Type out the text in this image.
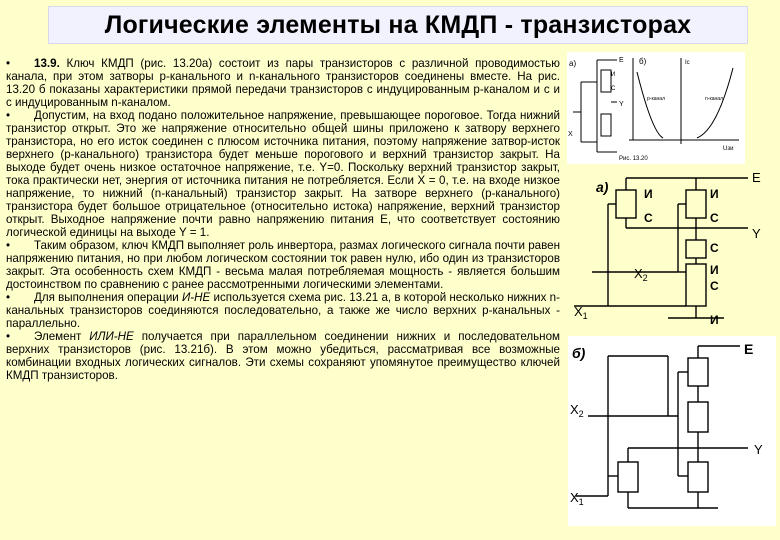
Логические элементы на КМДП - транзисторах

• 13.9. Ключ КМДП (рис. 13.20а) состоит из пары транзисторов с различной проводимостью канала, при этом затворы р-канального и n-канального транзисторов соединены вместе. На рис. 13.20 б показаны характеристики прямой передачи транзисторов с индуцированным р-каналом и с и с индуцированным n-каналом.

• Допустим, на вход подано положительное напряжение, превышающее пороговое. Тогда нижний транзистор открыт. Это же напряжение относительно общей шины приложено к затвору верхнего транзистора, но его исток соединен с плюсом источника питания, поэтому напряжение затвор-исток верхнего (р-канального) транзистора будет меньше порогового и верхний транзистор закрыт. На выходе будет очень низкое остаточное напряжение, т.е. Y=0. Поскольку верхний транзистор закрыт, тока практически нет, энергия от источника питания не потребляется. Если X = 0, т.е. на входе низкое напряжение, то нижний (n-канальный) транзистор закрыт. На затворе верхнего (р-канального) транзистора будет большое отрицательное (относительно истока) напряжение, верхний транзистор открыт. Выходное напряжение почти равно напряжению питания Е, что соответствует состоянию логической единицы на выходе Y = 1.

• Таким образом, ключ КМДП выполняет роль инвертора, размах логического сигнала почти равен напряжению питания, но при любом логическом состоянии ток равен нулю, ибо один из транзисторов закрыт. Эта особенность схем КМДП - весьма малая потребляемая мощность - является большим достоинством по сравнению с ранее рассмотренными логическими элементами.

• Для выполнения операции И-НЕ используется схема рис. 13.21 а, в которой несколько нижних n-канальных транзисторов соединяются последовательно, а также же число верхних р-канальных - параллельно.

• Элемент ИЛИ-НЕ получается при параллельном соединении нижних и последовательном верхних транзисторов (рис. 13.21б). В этом можно убедиться, рассматривая все возможные комбинации входных логических сигналов. Эти схемы сохраняют упомянутое преимущество ключей КМДП транзисторов.

а)	б)
X
Y
E
И
С
р-канал	n-канал
Ic
Uзи
Рис. 13.20
а)
E
Y
И
С
И
С
С
И
С
И
$X_2$
$X_1$
б)	E
Y
$X_2$
$X_1$
